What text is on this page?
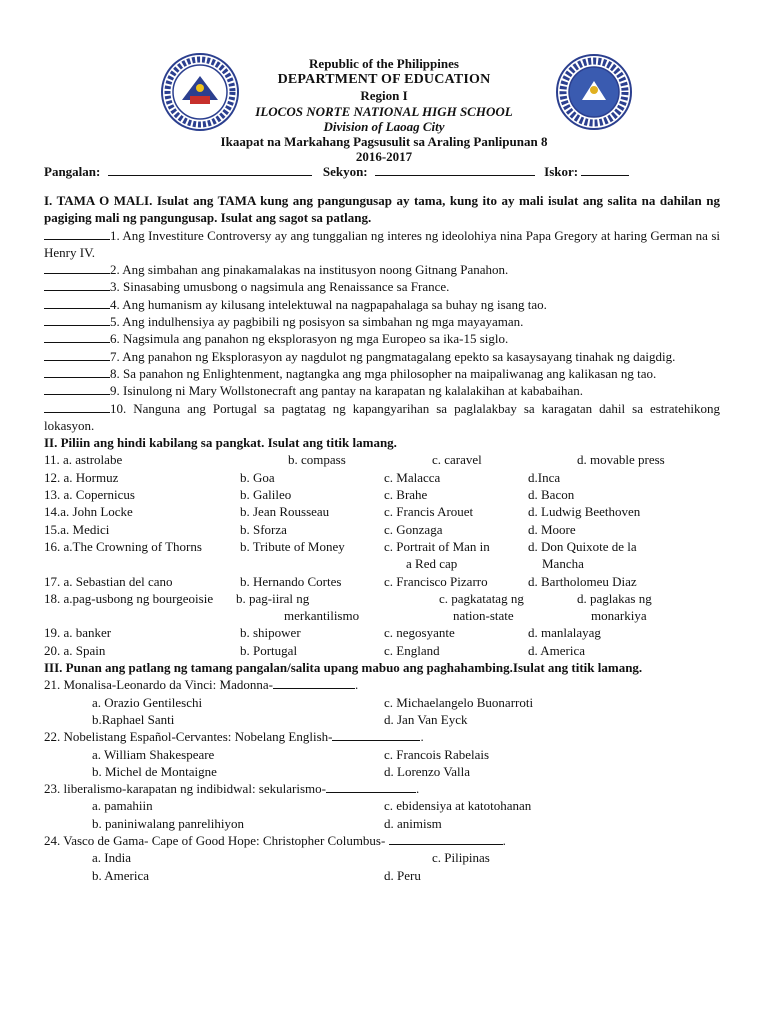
Republic of the Philippines
DEPARTMENT OF EDUCATION
Region I
ILOCOS NORTE NATIONAL HIGH SCHOOL
Division of Laoag City
Ikaapat na Markahang Pagsusulit sa Araling Panlipunan 8
2016-2017
Pangalan:	Sekyon:	Iskor:
I. TAMA O MALI. Isulat ang TAMA kung ang pangungusap ay tama, kung ito ay mali isulat ang salita na dahilan ng pagiging mali ng pangungusap. Isulat ang sagot sa patlang.
1. Ang Investiture Controversy ay ang tunggalian ng interes ng ideolohiya nina Papa Gregory at haring German na si Henry IV.
2. Ang simbahan ang pinakamalakas na institusyon noong Gitnang Panahon.
3. Sinasabing umusbong o nagsimula ang Renaissance sa France.
4. Ang humanism ay kilusang intelektuwal na nagpapahalaga sa buhay ng isang tao.
5. Ang indulhensiya ay pagbibili ng posisyon sa simbahan ng mga mayayaman.
6. Nagsimula ang panahon ng eksplorasyon ng mga Europeo sa ika-15 siglo.
7. Ang panahon ng Eksplorasyon ay nagdulot ng pangmatagalang epekto sa kasaysayang tinahak ng daigdig.
8. Sa panahon ng Enlightenment, nagtangka ang mga philosopher na maipaliwanag ang kalikasan ng tao.
9. Isinulong ni Mary Wollstonecraft ang pantay na karapatan ng kalalakihan at kababaihan.
10. Nanguna ang Portugal sa pagtatag ng kapangyarihan sa paglalakbay sa karagatan dahil sa estratehikong lokasyon.
II. Piliin ang hindi kabilang sa pangkat. Isulat ang titik lamang.
11. a. astrolabe	b. compass	c. caravel	d. movable press
12. a. Hormuz	b. Goa	c. Malacca	d.Inca
13. a. Copernicus	b. Galileo	c. Brahe	d. Bacon
14.a. John Locke	b. Jean Rousseau	c. Francis Arouet	d. Ludwig Beethoven
15.a. Medici	b. Sforza	c. Gonzaga	d. Moore
16. a.The Crowning of Thorns	b. Tribute of Money	c. Portrait of Man in
a Red cap
d. Don Quixote de la
Mancha
17. a. Sebastian del cano	b. Hernando Cortes	c. Francisco Pizarro	d. Bartholomeu Diaz
18. a.pag-usbong ng bourgeoisie b. pag-iiral ng
merkantilismo
c. pagkatatag ng
nation-state
d. paglakas ng
monarkiya
19. a. banker	b. shipower	c. negosyante	d. manlalayag
20. a. Spain	b. Portugal	c. England	d. America
III. Punan ang patlang ng tamang pangalan/salita upang mabuo ang paghahambing.Isulat ang titik lamang.
21. Monalisa-Leonardo da Vinci: Madonna-	.
a. Orazio Gentileschi	c. Michaelangelo Buonarroti
b.Raphael Santi	d. Jan Van Eyck
22. Nobelistang Español-Cervantes: Nobelang English-	.
a. William Shakespeare	c. Francois Rabelais
b. Michel de Montaigne	d. Lorenzo Valla
23. liberalismo-karapatan ng indibidwal: sekularismo-	.
a. pamahiin	c. ebidensiya at katotohanan
b. paniniwalang panrelihiyon	d. animism
24. Vasco de Gama- Cape of Good Hope: Christopher Columbus-	.
a. India	c. Pilipinas
b. America	d. Peru
